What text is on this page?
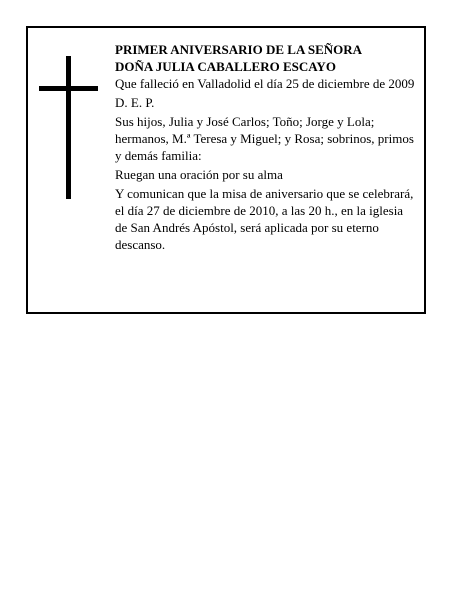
PRIMER ANIVERSARIO DE LA SEÑORA
DOÑA JULIA CABALLERO ESCAYO

Que falleció en Valladolid el día 25 de diciembre de 2009

D. E. P.

Sus hijos, Julia y José Carlos; Toño; Jorge y Lola; hermanos, M.ª Teresa y Miguel; y Rosa; sobrinos, primos y demás familia:

Ruegan una oración por su alma

Y comunican que la misa de aniversario que se celebrará, el día 27 de diciembre de 2010, a las 20 h., en la iglesia de San Andrés Apóstol, será aplicada por su eterno descanso.
